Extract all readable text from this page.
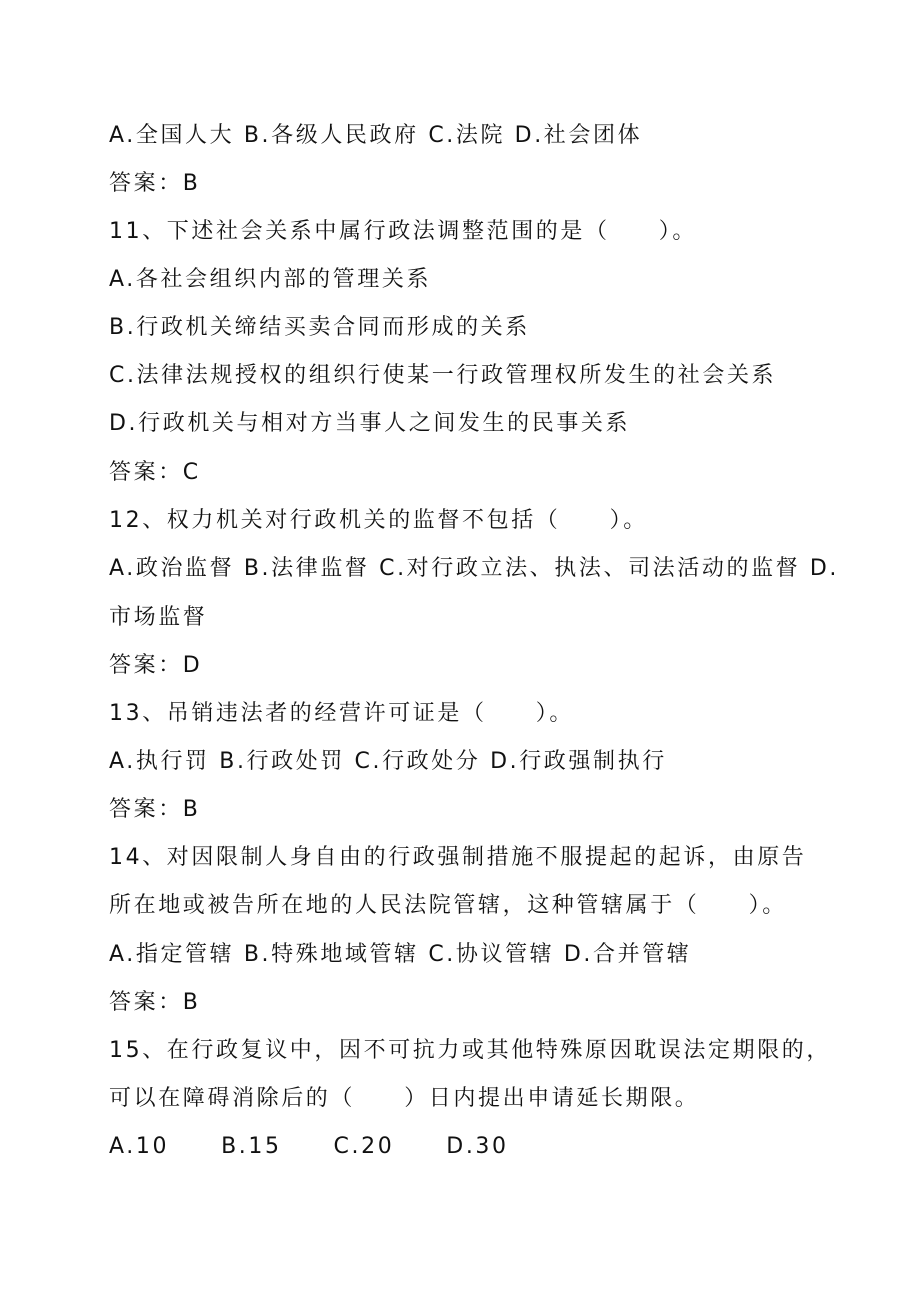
A.全国人大 B.各级人民政府 C.法院 D.社会团体
答案：B
11、下述社会关系中属行政法调整范围的是（　　）。
A.各社会组织内部的管理关系
B.行政机关缔结买卖合同而形成的关系
C.法律法规授权的组织行使某一行政管理权所发生的社会关系
D.行政机关与相对方当事人之间发生的民事关系
答案：C
12、权力机关对行政机关的监督不包括（　　）。
A.政治监督 B.法律监督 C.对行政立法、执法、司法活动的监督 D.
市场监督
答案：D
13、吊销违法者的经营许可证是（　　）。
A.执行罚 B.行政处罚 C.行政处分 D.行政强制执行
答案：B
14、对因限制人身自由的行政强制措施不服提起的起诉，由原告
所在地或被告所在地的人民法院管辖，这种管辖属于（　　）。
A.指定管辖 B.特殊地域管辖 C.协议管辖 D.合并管辖
答案：B
15、在行政复议中，因不可抗力或其他特殊原因耽误法定期限的，
可以在障碍消除后的（　　）日内提出申请延长期限。
A.10 B.15 C.20 D.30
